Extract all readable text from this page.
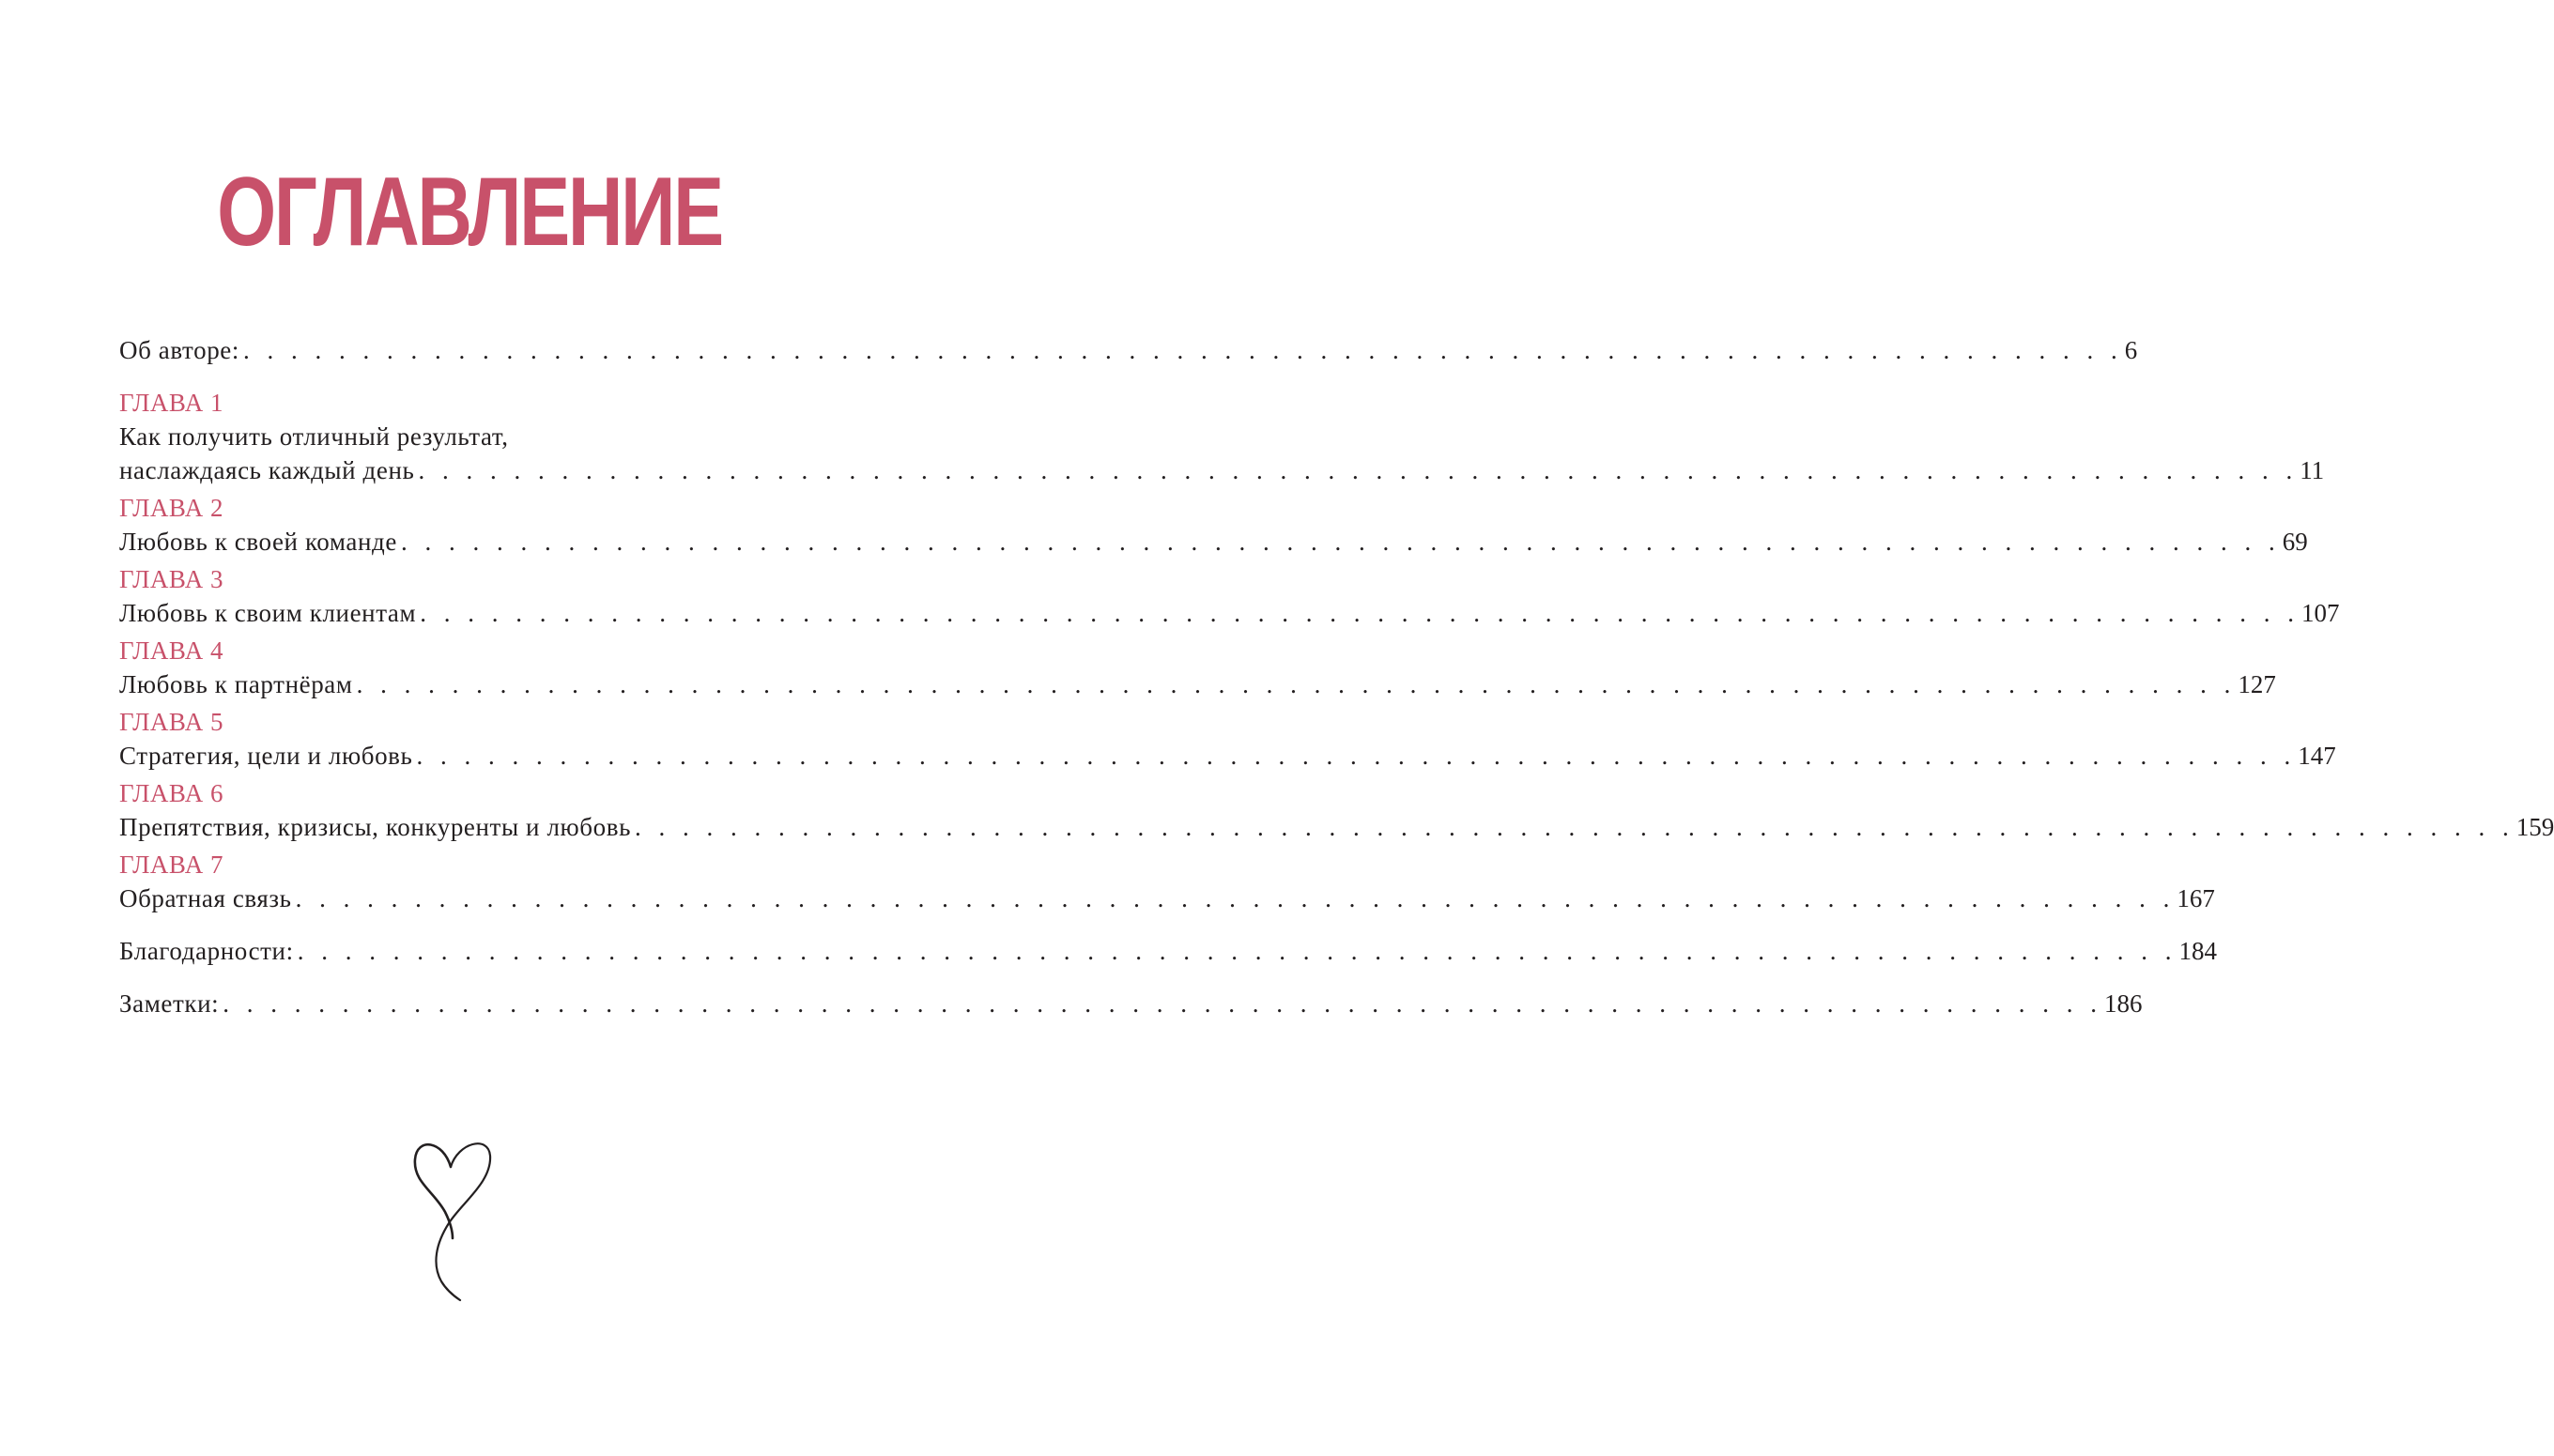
ОГЛАВЛЕНИЕ
Об авторе: . . . . . . . . . . . . . . . . . . . . . . . . . . . . . . . . . . . . . . . . . . . . . . . . . . . . . . . . . . . . . . . . . . . . . . . . . . . . . . . 6
ГЛАВА 1
Как получить отличный результат,
наслаждаясь каждый день . . . . . . . . . . . . . . . . . . . . . . . . . . . . . . . . . . . . . . . . . . . . . . . . . . . . . . . . . . . . . . . . . . . . . . . . . . . . . . . 11
ГЛАВА 2
Любовь к своей команде . . . . . . . . . . . . . . . . . . . . . . . . . . . . . . . . . . . . . . . . . . . . . . . . . . . . . . . . . . . . . . . . . . . . . . . . . . . . . . . 69
ГЛАВА 3
Любовь к своим клиентам . . . . . . . . . . . . . . . . . . . . . . . . . . . . . . . . . . . . . . . . . . . . . . . . . . . . . . . . . . . . . . . . . . . . . . . . . . . . . . . 107
ГЛАВА 4
Любовь к партнёрам . . . . . . . . . . . . . . . . . . . . . . . . . . . . . . . . . . . . . . . . . . . . . . . . . . . . . . . . . . . . . . . . . . . . . . . . . . . . . . . 127
ГЛАВА 5
Стратегия, цели и любовь . . . . . . . . . . . . . . . . . . . . . . . . . . . . . . . . . . . . . . . . . . . . . . . . . . . . . . . . . . . . . . . . . . . . . . . . . . . . . . . 147
ГЛАВА 6
Препятствия, кризисы, конкуренты и любовь . . . . . . . . . . . . . . . . . . . . . . . . . . . . . . . . . . . . . . . . . . . . . . . . . . . . . . . . . . . . . . . . . . . . . . . . . . . . . . . 159
ГЛАВА 7
Обратная связь . . . . . . . . . . . . . . . . . . . . . . . . . . . . . . . . . . . . . . . . . . . . . . . . . . . . . . . . . . . . . . . . . . . . . . . . . . . . . . . 167
Благодарности: . . . . . . . . . . . . . . . . . . . . . . . . . . . . . . . . . . . . . . . . . . . . . . . . . . . . . . . . . . . . . . . . . . . . . . . . . . . . . . . 184
Заметки: . . . . . . . . . . . . . . . . . . . . . . . . . . . . . . . . . . . . . . . . . . . . . . . . . . . . . . . . . . . . . . . . . . . . . . . . . . . . . . . 186
